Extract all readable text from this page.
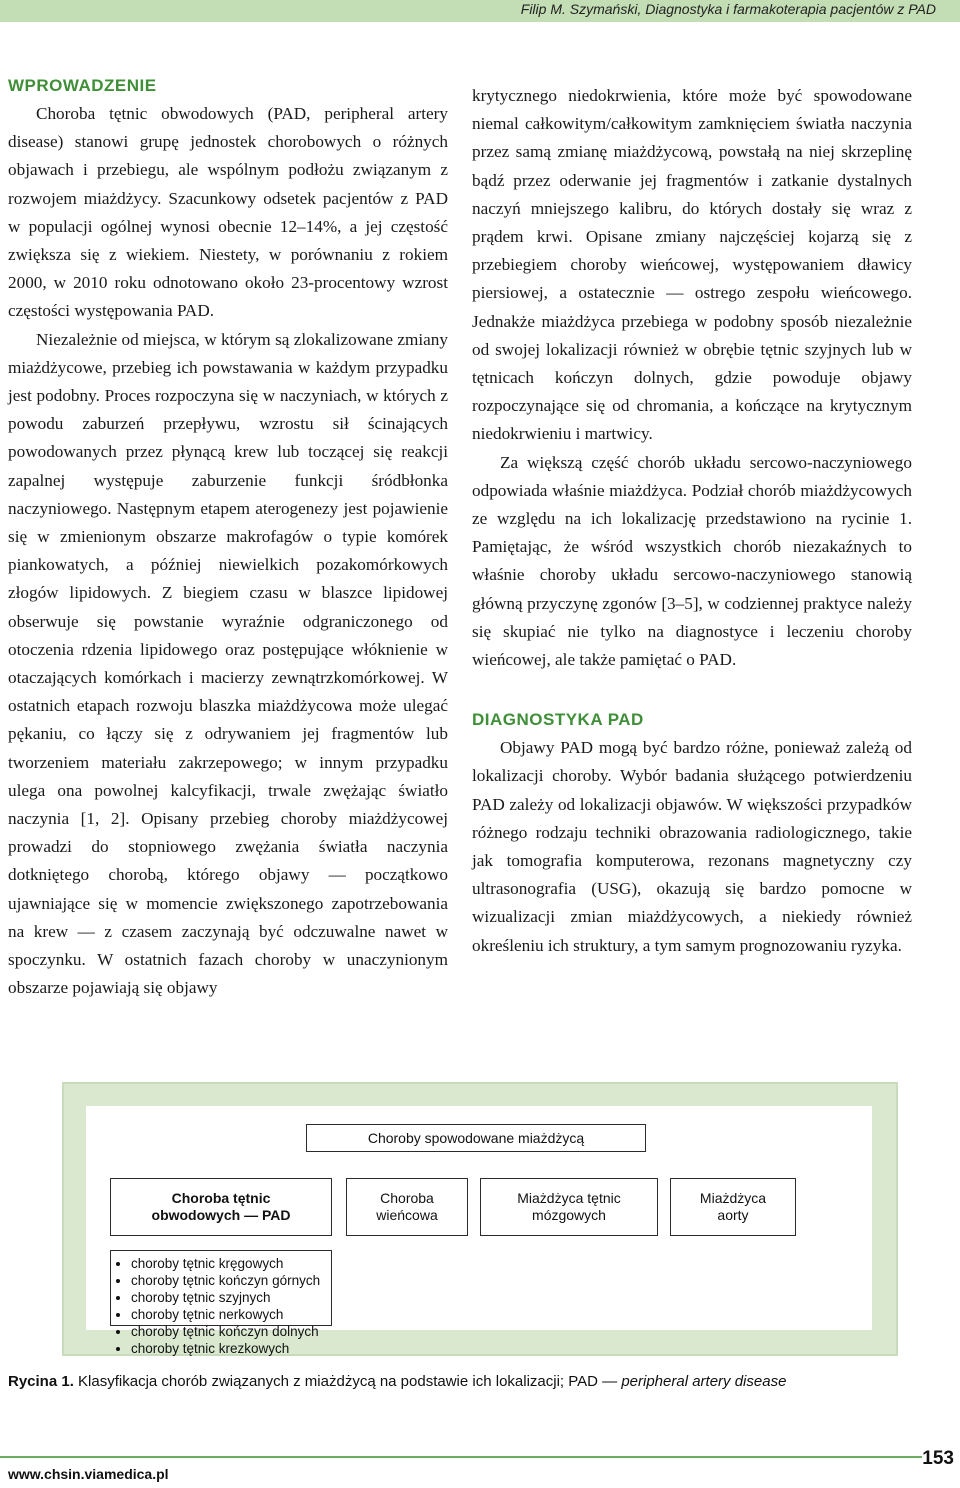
Filip M. Szymański, Diagnostyka i farmakoterapia pacjentów z PAD
WPROWADZENIE

Choroba tętnic obwodowych (PAD, peripheral artery disease) stanowi grupę jednostek chorobowych o różnych objawach i przebiegu, ale wspólnym podłożu związanym z rozwojem miażdżycy. Szacunkowy odsetek pacjentów z PAD w populacji ogólnej wynosi obecnie 12–14%, a jej częstość zwiększa się z wiekiem. Niestety, w porównaniu z rokiem 2000, w 2010 roku odnotowano około 23-procentowy wzrost częstości występowania PAD.

Niezależnie od miejsca, w którym są zlokalizowane zmiany miażdżycowe, przebieg ich powstawania w każdym przypadku jest podobny. Proces rozpoczyna się w naczyniach, w których z powodu zaburzeń przepływu, wzrostu sił ścinających powodowanych przez płynącą krew lub toczącej się reakcji zapalnej występuje zaburzenie funkcji śródbłonka naczyniowego. Następnym etapem aterogenezy jest pojawienie się w zmienionym obszarze makrofagów o typie komórek piankowatych, a później niewielkich pozakomórkowych złogów lipidowych. Z biegiem czasu w blaszce lipidowej obserwuje się powstanie wyraźnie odgraniczonego od otoczenia rdzenia lipidowego oraz postępujące włóknienie w otaczających komórkach i macierzy zewnątrzkomórkowej. W ostatnich etapach rozwoju blaszka miażdżycowa może ulegać pękaniu, co łączy się z odrywaniem jej fragmentów lub tworzeniem materiału zakrzepowego; w innym przypadku ulega ona powolnej kalcyfikacji, trwale zwężając światło naczynia [1, 2]. Opisany przebieg choroby miażdżycowej prowadzi do stopniowego zwężania światła naczynia dotkniętego chorobą, którego objawy — początkowo ujawniające się w momencie zwiększonego zapotrzebowania na krew — z czasem zaczynają być odczuwalne nawet w spoczynku. W ostatnich fazach choroby w unaczynionym obszarze pojawiają się objawy

krytycznego niedokrwienia, które może być spowodowane niemal całkowitym/całkowitym zamknięciem światła naczynia przez samą zmianę miażdżycową, powstałą na niej skrzeplinę bądź przez oderwanie jej fragmentów i zatkanie dystalnych naczyń mniejszego kalibru, do których dostały się wraz z prądem krwi. Opisane zmiany najczęściej kojarzą się z przebiegiem choroby wieńcowej, występowaniem dławicy piersiowej, a ostatecznie — ostrego zespołu wieńcowego. Jednakże miażdżyca przebiega w podobny sposób niezależnie od swojej lokalizacji również w obrębie tętnic szyjnych lub w tętnicach kończyn dolnych, gdzie powoduje objawy rozpoczynające się od chromania, a kończące na krytycznym niedokrwieniu i martwicy.

Za większą część chorób układu sercowo-naczyniowego odpowiada właśnie miażdżyca. Podział chorób miażdżycowych ze względu na ich lokalizację przedstawiono na rycinie 1. Pamiętając, że wśród wszystkich chorób niezakaźnych to właśnie choroby układu sercowo-naczyniowego stanowią główną przyczynę zgonów [3–5], w codziennej praktyce należy się skupiać nie tylko na diagnostyce i leczeniu choroby wieńcowej, ale także pamiętać o PAD.

DIAGNOSTYKA PAD

Objawy PAD mogą być bardzo różne, ponieważ zależą od lokalizacji choroby. Wybór badania służącego potwierdzeniu PAD zależy od lokalizacji objawów. W większości przypadków różnego rodzaju techniki obrazowania radiologicznego, takie jak tomografia komputerowa, rezonans magnetyczny czy ultrasonografia (USG), okazują się bardzo pomocne w wizualizacji zmian miażdżycowych, a niekiedy również określeniu ich struktury, a tym samym prognozowaniu ryzyka.

Choroby spowodowane miażdżycą
Choroba tętnic
obwodowych — PAD
Choroba
wieńcowa
Miażdżyca tętnic
mózgowych
Miażdżyca
aorty
• choroby tętnic kręgowych
• choroby tętnic kończyn górnych
• choroby tętnic szyjnych
• choroby tętnic nerkowych
• choroby tętnic kończyn dolnych
• choroby tętnic krezkowych
Rycina 1. Klasyfikacja chorób związanych z miażdżycą na podstawie ich lokalizacji; PAD — peripheral artery disease
www.chsin.viamedica.pl
153
